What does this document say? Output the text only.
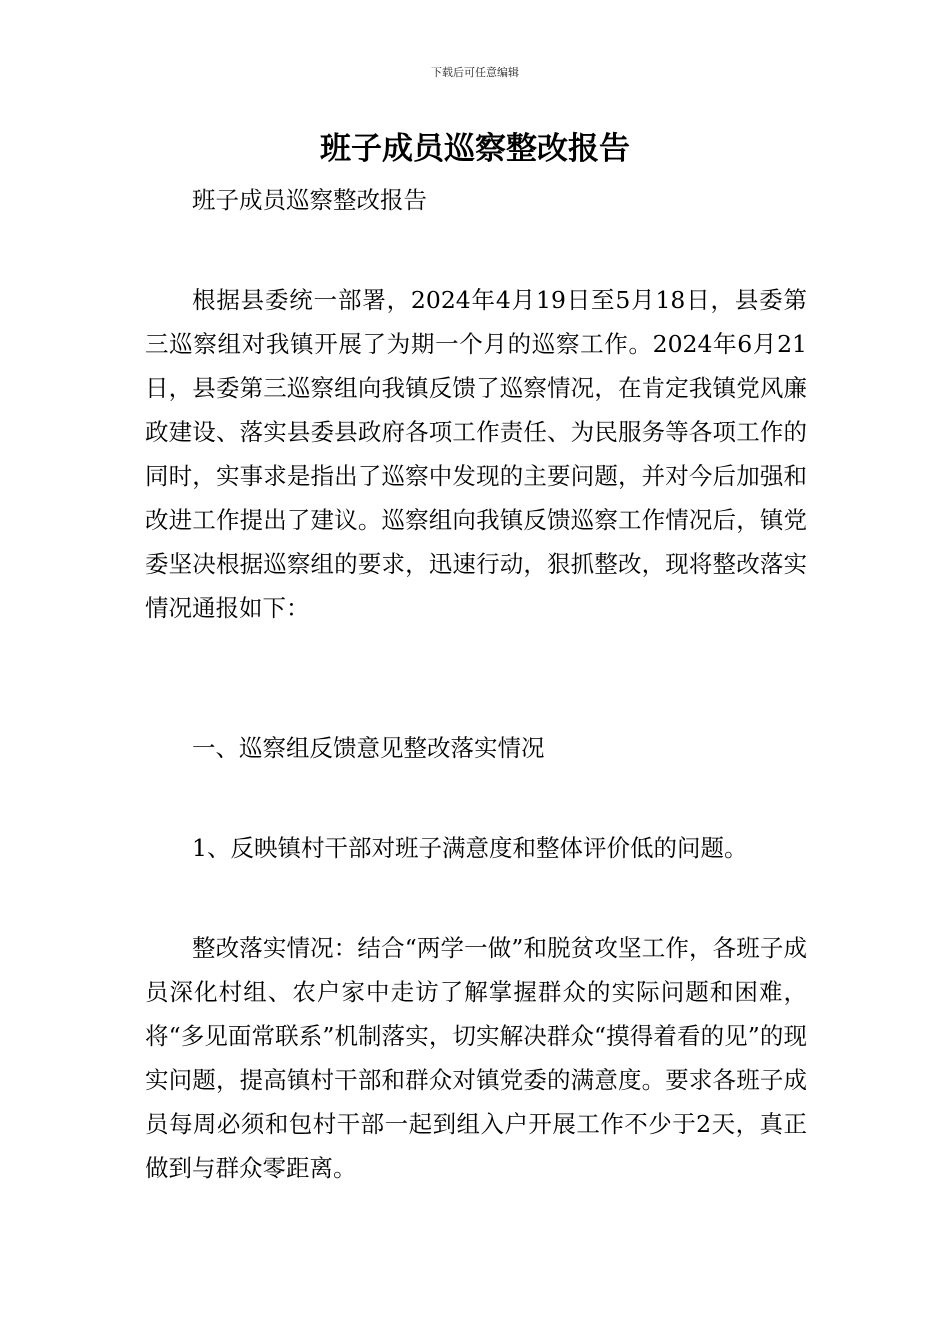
下载后可任意编辑
班子成员巡察整改报告

班子成员巡察整改报告

根据县委统一部署，2024年4月19日至5月18日，县委第三巡察组对我镇开展了为期一个月的巡察工作。2024年6月21日，县委第三巡察组向我镇反馈了巡察情况，在肯定我镇党风廉政建设、落实县委县政府各项工作责任、为民服务等各项工作的同时，实事求是指出了巡察中发现的主要问题，并对今后加强和改进工作提出了建议。巡察组向我镇反馈巡察工作情况后，镇党委坚决根据巡察组的要求，迅速行动，狠抓整改，现将整改落实情况通报如下：

一、巡察组反馈意见整改落实情况

1、反映镇村干部对班子满意度和整体评价低的问题。

整改落实情况：结合“两学一做”和脱贫攻坚工作，各班子成员深化村组、农户家中走访了解掌握群众的实际问题和困难，将“多见面常联系”机制落实，切实解决群众“摸得着看的见”的现实问题，提高镇村干部和群众对镇党委的满意度。要求各班子成员每周必须和包村干部一起到组入户开展工作不少于2天，真正做到与群众零距离。
